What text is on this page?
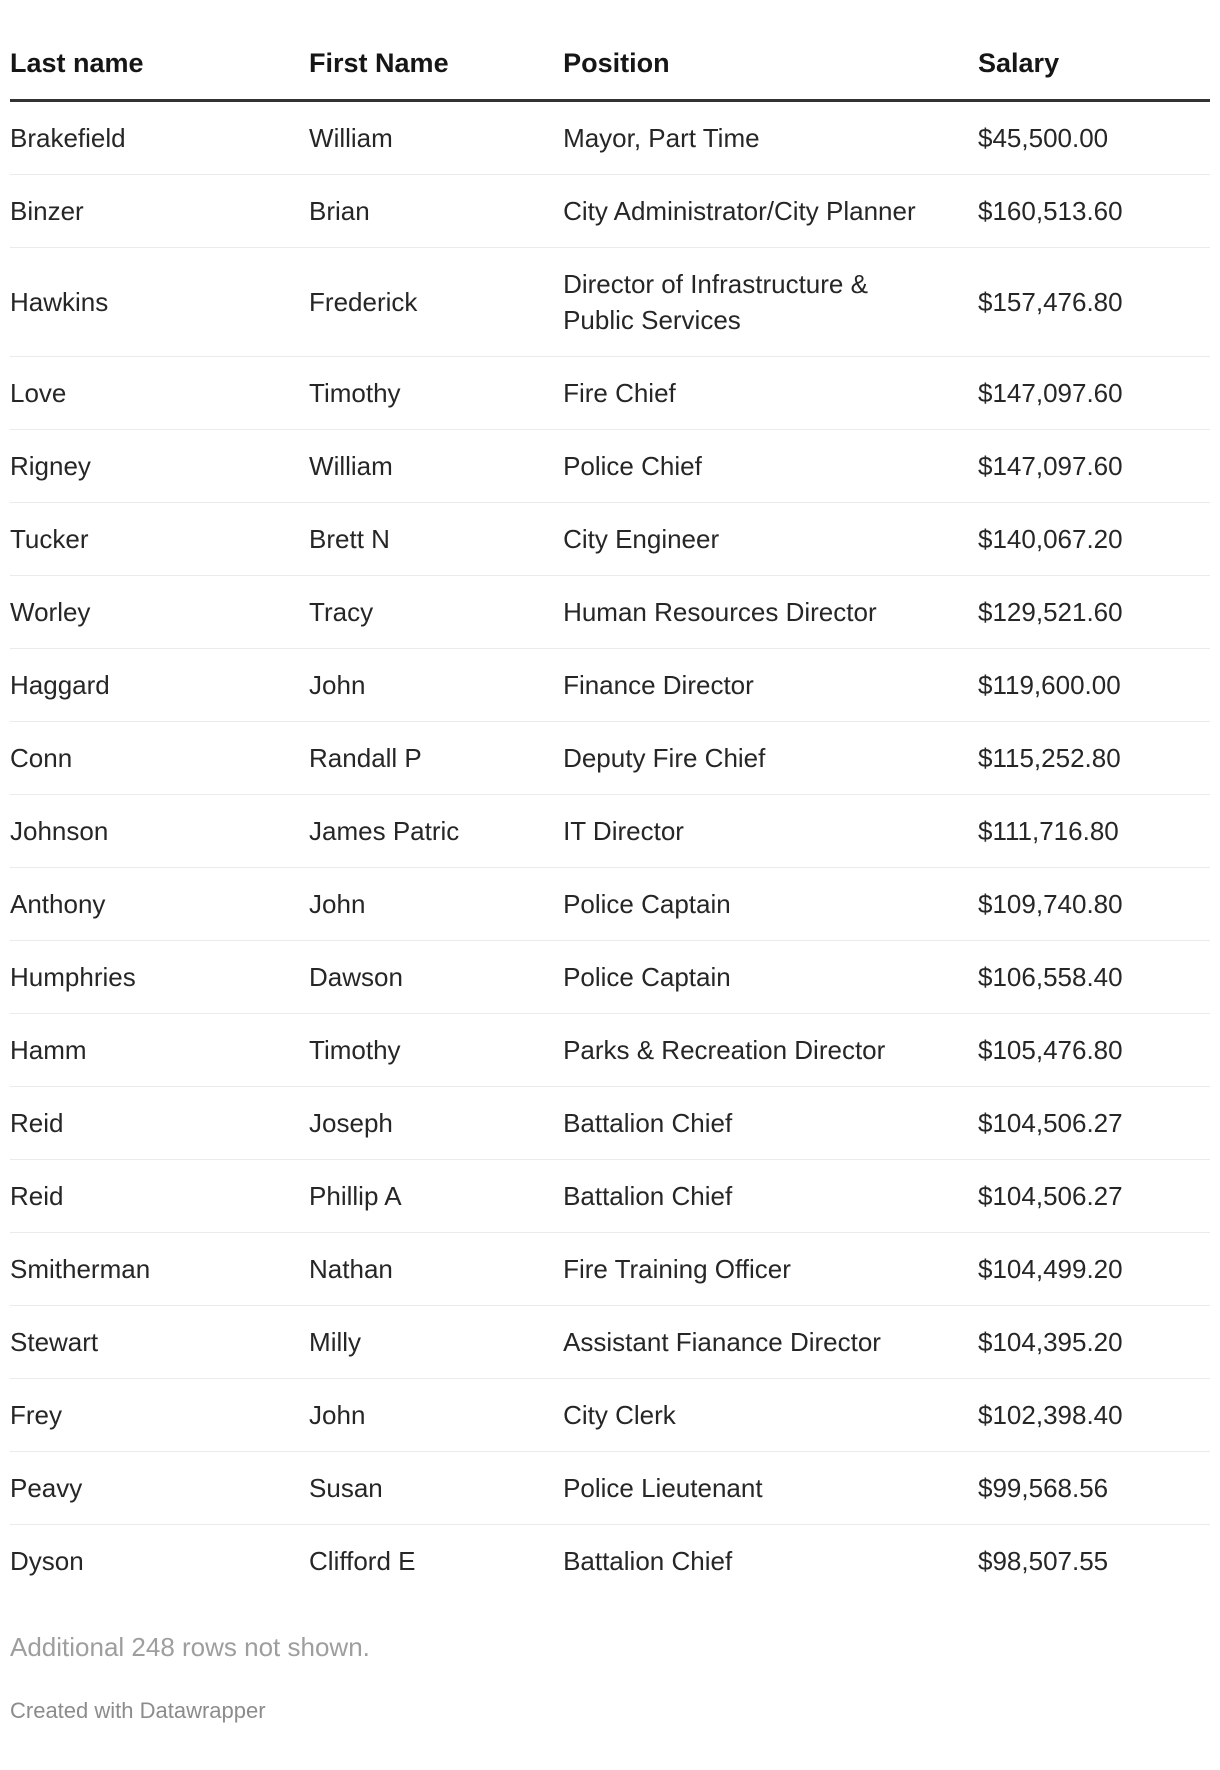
Last name	First Name	Position	Salary
Brakefield	William	Mayor, Part Time	$45,500.00
Binzer	Brian	City Administrator/City Planner	$160,513.60
Hawkins	Frederick	Director of Infrastructure & Public Services	$157,476.80
Love	Timothy	Fire Chief	$147,097.60
Rigney	William	Police Chief	$147,097.60
Tucker	Brett N	City Engineer	$140,067.20
Worley	Tracy	Human Resources Director	$129,521.60
Haggard	John	Finance Director	$119,600.00
Conn	Randall P	Deputy Fire Chief	$115,252.80
Johnson	James Patric	IT Director	$111,716.80
Anthony	John	Police Captain	$109,740.80
Humphries	Dawson	Police Captain	$106,558.40
Hamm	Timothy	Parks & Recreation Director	$105,476.80
Reid	Joseph	Battalion Chief	$104,506.27
Reid	Phillip A	Battalion Chief	$104,506.27
Smitherman	Nathan	Fire Training Officer	$104,499.20
Stewart	Milly	Assistant Fianance Director	$104,395.20
Frey	John	City Clerk	$102,398.40
Peavy	Susan	Police Lieutenant	$99,568.56
Dyson	Clifford E	Battalion Chief	$98,507.55

Additional 248 rows not shown.

Created with Datawrapper
